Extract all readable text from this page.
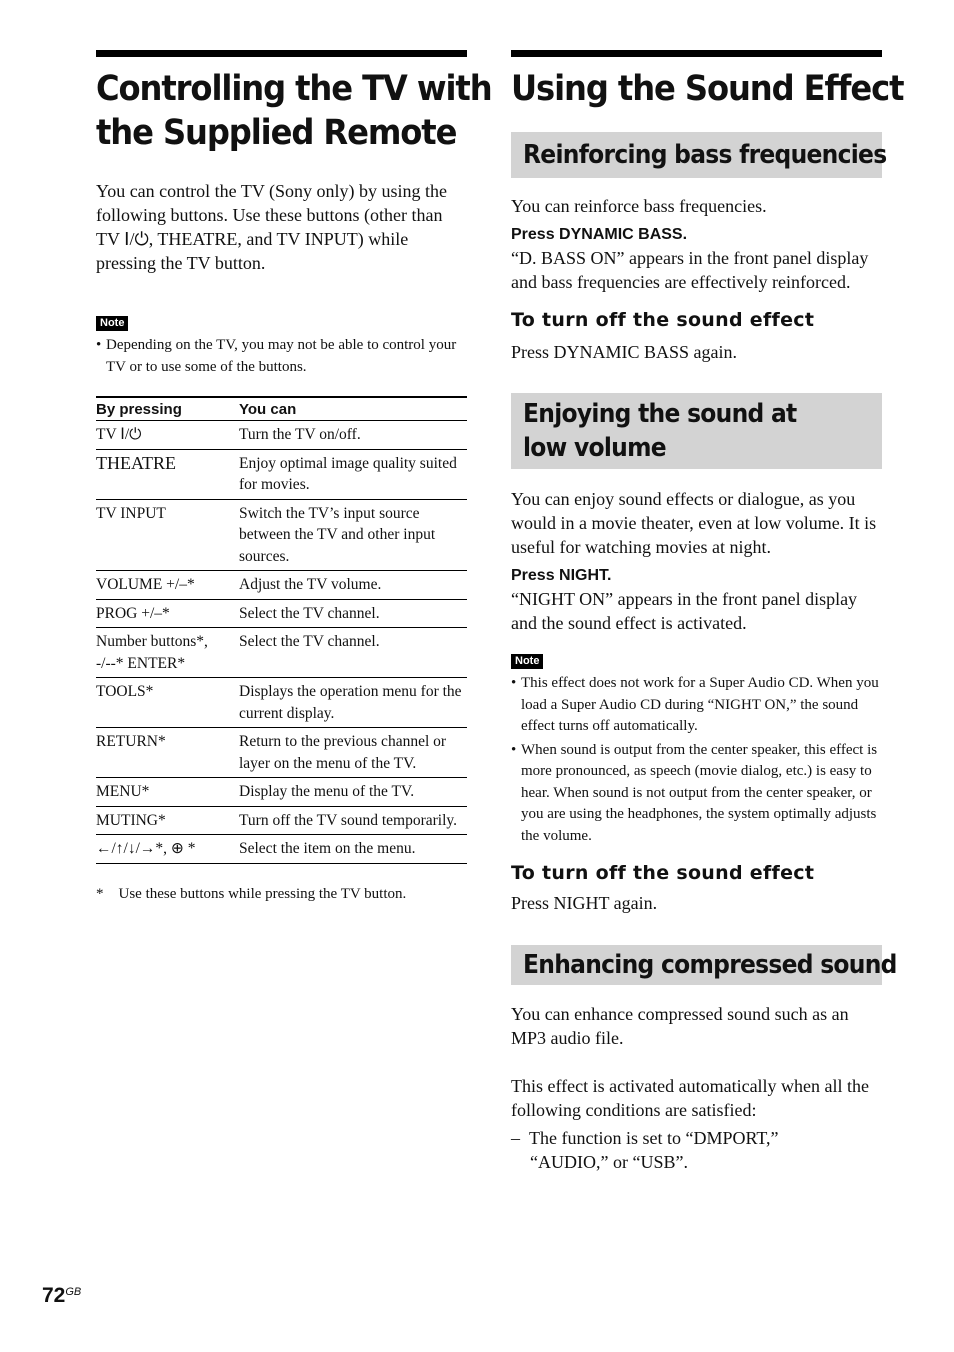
Controlling the TV with
the Supplied Remote
You can control the TV (Sony only) by using the following buttons. Use these buttons (other than TV Ⅰ/⏻, THEATRE, and TV INPUT) while pressing the TV button.
Note
• Depending on the TV, you may not be able to control your TV or to use some of the buttons.
By pressing	You can
TV Ⅰ/⏻	Turn the TV on/off.
THEATRE	Enjoy optimal image quality suited for movies.
TV INPUT	Switch the TV’s input source between the TV and other input sources.
VOLUME +/–*	Adjust the TV volume.
PROG +/–*	Select the TV channel.
Number buttons*, -/--* ENTER*	Select the TV channel.
TOOLS*	Displays the operation menu for the current display.
RETURN*	Return to the previous channel or layer on the menu of the TV.
MENU*	Display the menu of the TV.
MUTING*	Turn off the TV sound temporarily.
←/↑/↓/→*, ⊕ *	Select the item on the menu.
* Use these buttons while pressing the TV button.
Using the Sound Effect
Reinforcing bass frequencies
You can reinforce bass frequencies.
Press DYNAMIC BASS.
“D. BASS ON” appears in the front panel display and bass frequencies are effectively reinforced.
To turn off the sound effect
Press DYNAMIC BASS again.
Enjoying the sound at low volume
You can enjoy sound effects or dialogue, as you would in a movie theater, even at low volume. It is useful for watching movies at night.
Press NIGHT.
“NIGHT ON” appears in the front panel display and the sound effect is activated.
Note
• This effect does not work for a Super Audio CD. When you load a Super Audio CD during “NIGHT ON,” the sound effect turns off automatically.
• When sound is output from the center speaker, this effect is more pronounced, as speech (movie dialog, etc.) is easy to hear. When sound is not output from the center speaker, or you are using the headphones, the system optimally adjusts the volume.
To turn off the sound effect
Press NIGHT again.
Enhancing compressed sound
You can enhance compressed sound such as an MP3 audio file.
This effect is activated automatically when all the following conditions are satisfied:
– The function is set to “DMPORT,”
“AUDIO,” or “USB”.
$72^{GB}$
